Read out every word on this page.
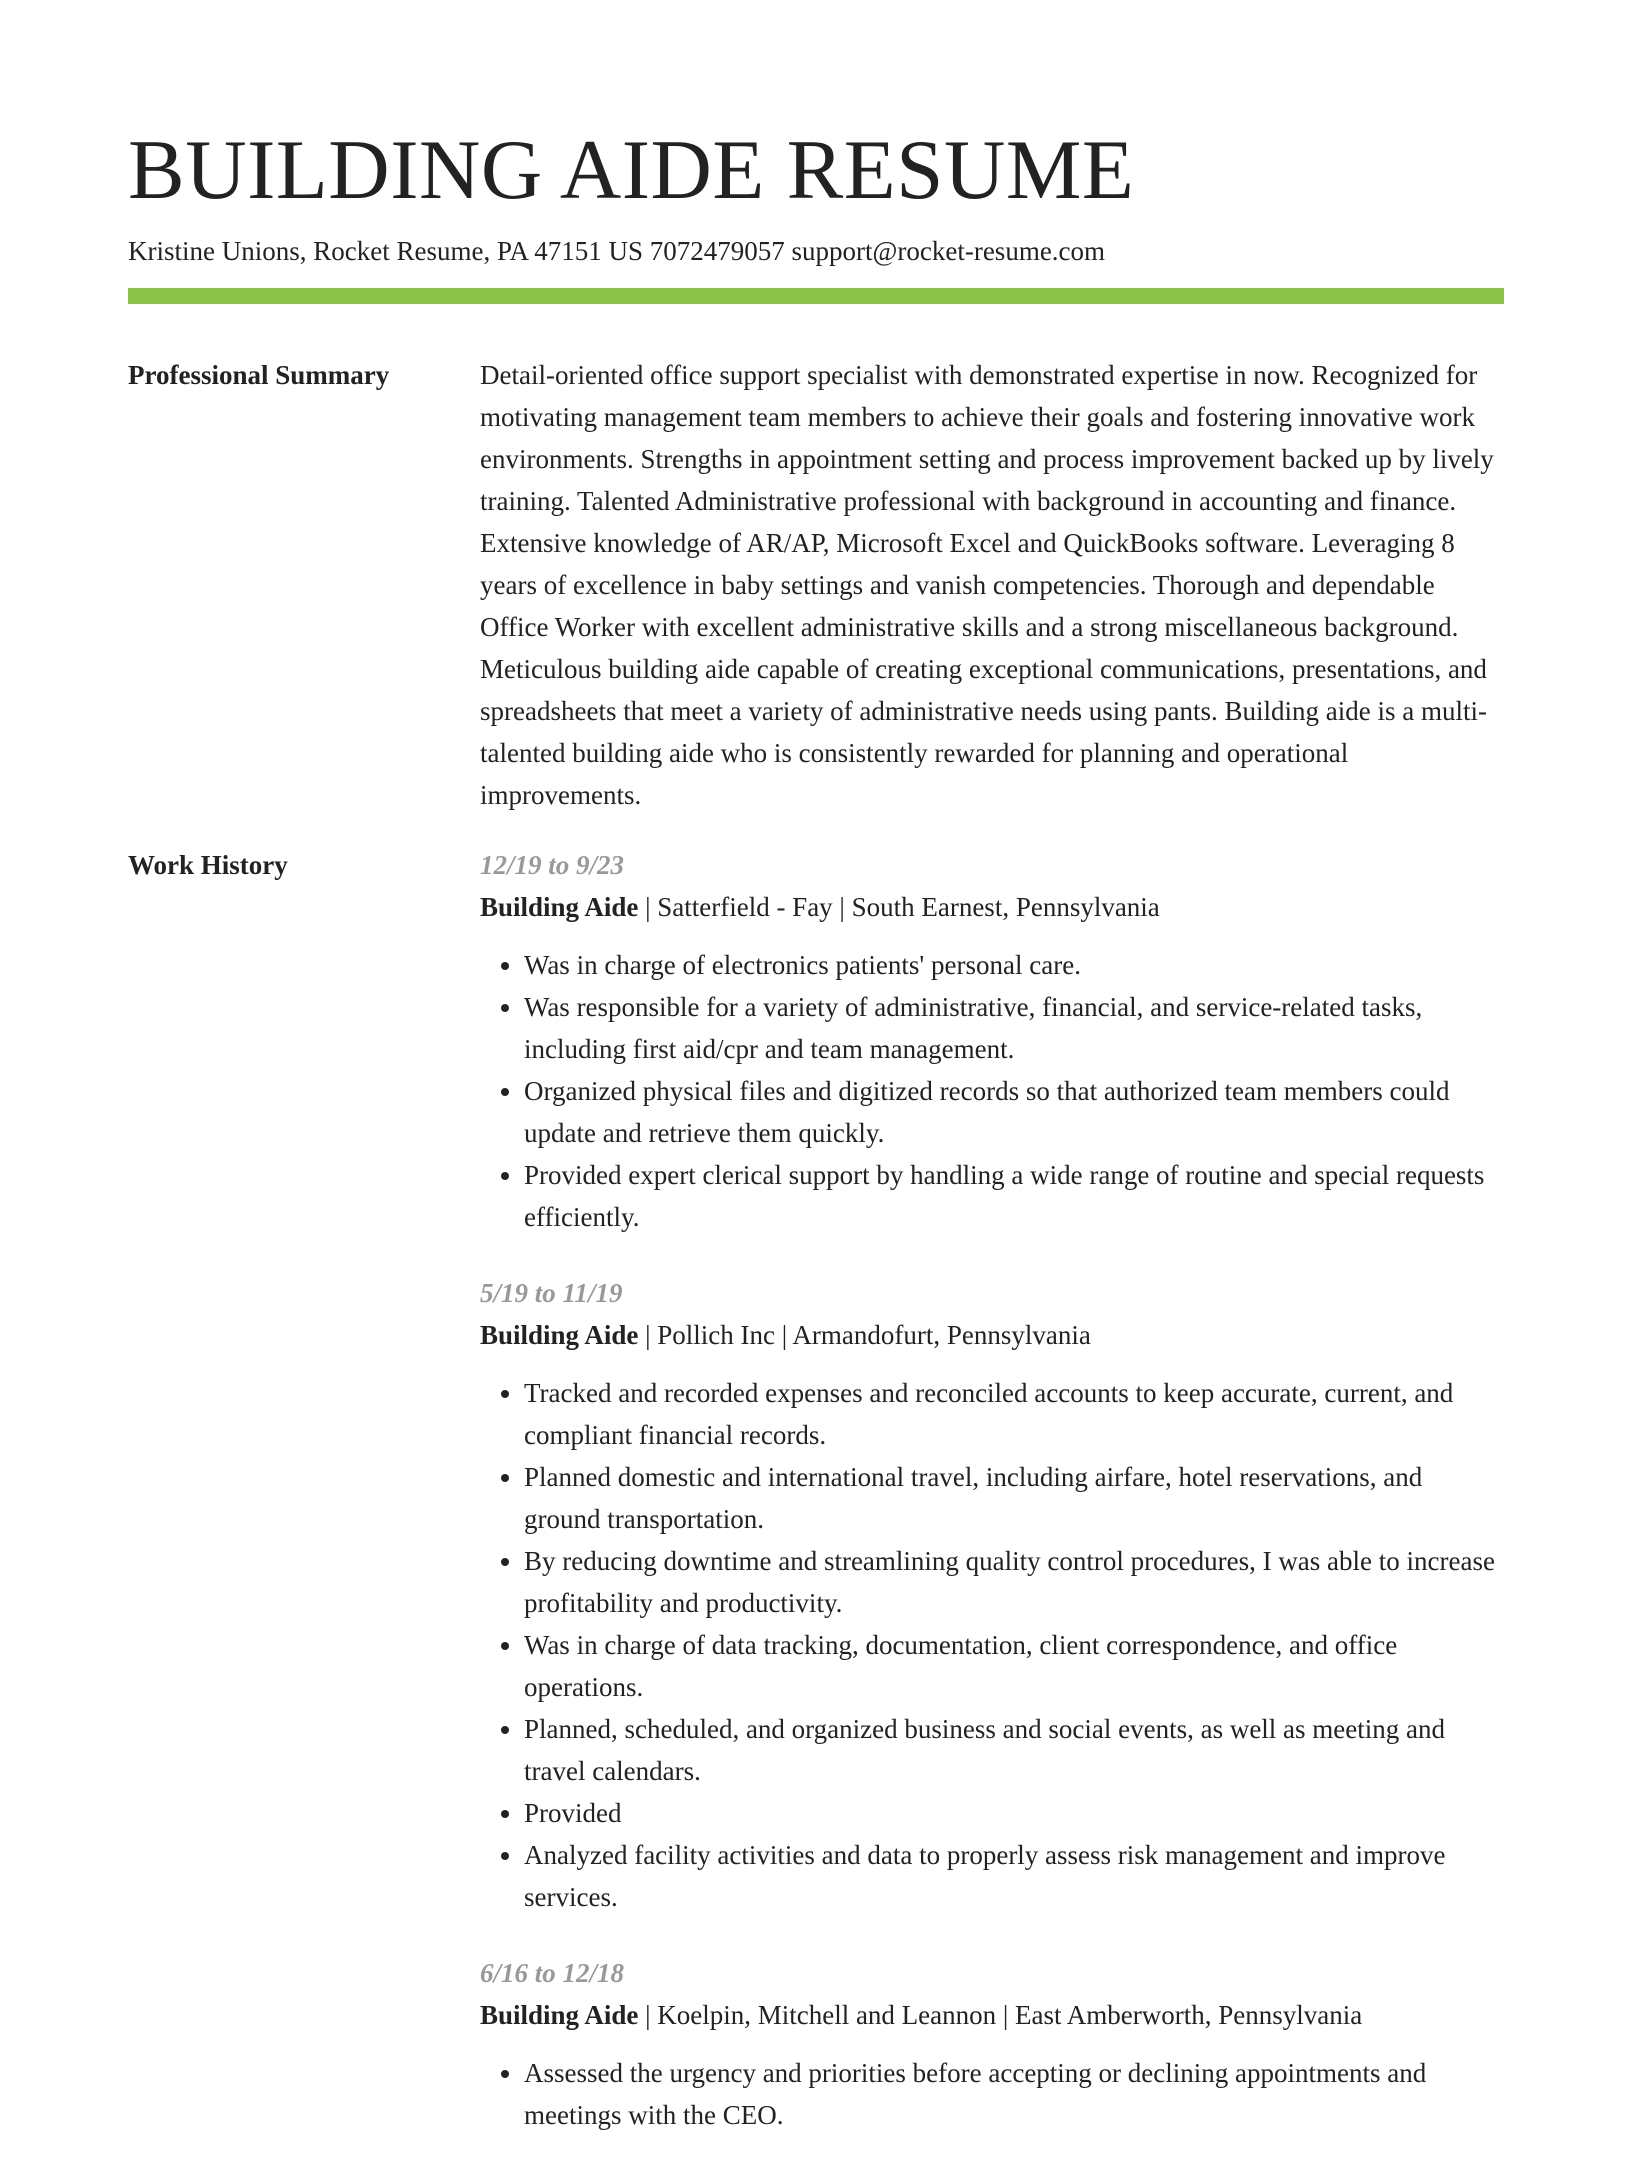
BUILDING AIDE RESUME
Kristine Unions, Rocket Resume, PA 47151 US 7072479057 support@rocket-resume.com
Professional Summary	Detail-oriented office support specialist with demonstrated expertise in now. Recognized for motivating management team members to achieve their goals and fostering innovative work environments. Strengths in appointment setting and process improvement backed up by lively training. Talented Administrative professional with background in accounting and finance. Extensive knowledge of AR/AP, Microsoft Excel and QuickBooks software. Leveraging 8 years of excellence in baby settings and vanish competencies. Thorough and dependable Office Worker with excellent administrative skills and a strong miscellaneous background. Meticulous building aide capable of creating exceptional communications, presentations, and spreadsheets that meet a variety of administrative needs using pants. Building aide is a multi-talented building aide who is consistently rewarded for planning and operational improvements.

Work History	12/19 to 9/23
Building Aide | Satterfield - Fay | South Earnest, Pennsylvania
• Was in charge of electronics patients' personal care.
• Was responsible for a variety of administrative, financial, and service-related tasks, including first aid/cpr and team management.
• Organized physical files and digitized records so that authorized team members could update and retrieve them quickly.
• Provided expert clerical support by handling a wide range of routine and special requests efficiently.
5/19 to 11/19
Building Aide | Pollich Inc | Armandofurt, Pennsylvania
• Tracked and recorded expenses and reconciled accounts to keep accurate, current, and compliant financial records.
• Planned domestic and international travel, including airfare, hotel reservations, and ground transportation.
• By reducing downtime and streamlining quality control procedures, I was able to increase profitability and productivity.
• Was in charge of data tracking, documentation, client correspondence, and office operations.
• Planned, scheduled, and organized business and social events, as well as meeting and travel calendars.
• Provided
• Analyzed facility activities and data to properly assess risk management and improve services.
6/16 to 12/18
Building Aide | Koelpin, Mitchell and Leannon | East Amberworth, Pennsylvania
• Assessed the urgency and priorities before accepting or declining appointments and meetings with the CEO.
